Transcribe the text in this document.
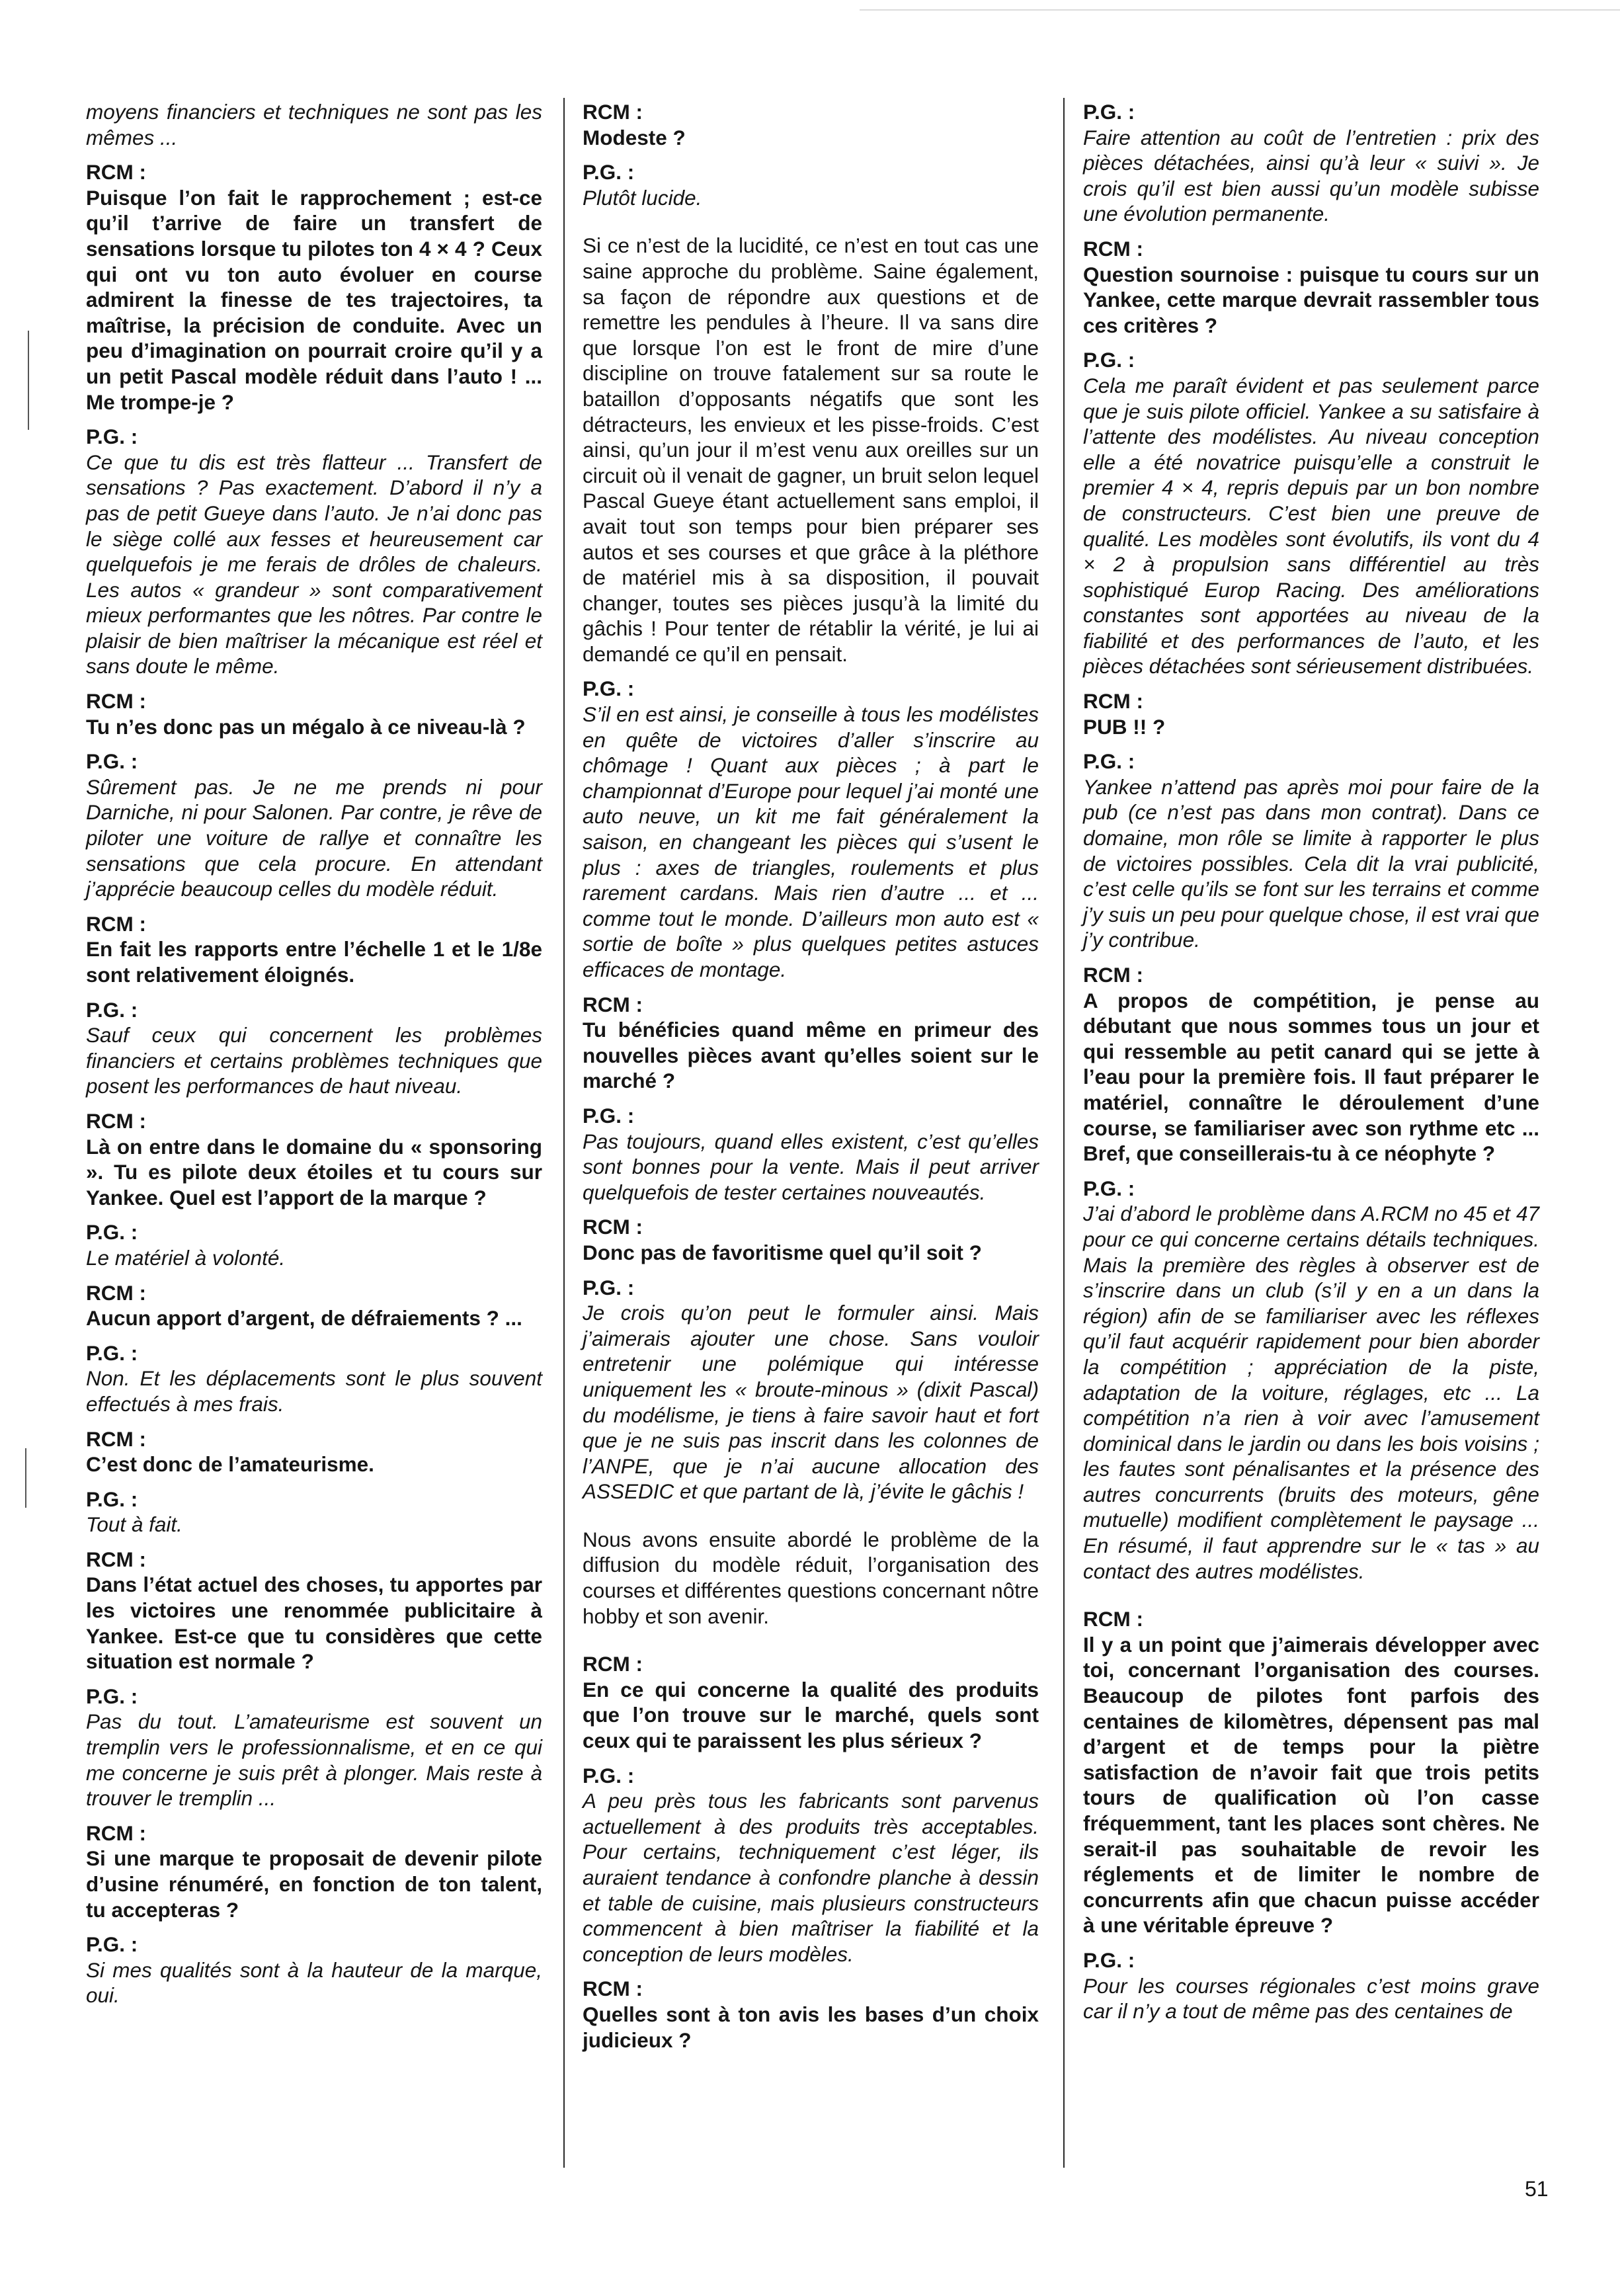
moyens financiers et techniques ne sont pas les mêmes ...
RCM :
Puisque l’on fait le rapprochement ; est-ce qu’il t’arrive de faire un transfert de sensations lorsque tu pilotes ton 4 × 4 ? Ceux qui ont vu ton auto évoluer en course admirent la finesse de tes trajectoires, ta maîtrise, la précision de conduite. Avec un peu d’imagination on pourrait croire qu’il y a un petit Pascal modèle réduit dans l’auto ! ... Me trompe-je ?
P.G. :
Ce que tu dis est très flatteur ... Transfert de sensations ? Pas exactement. D’abord il n’y a pas de petit Gueye dans l’auto. Je n’ai donc pas le siège collé aux fesses et heureusement car quelquefois je me ferais de drôles de chaleurs. Les autos « grandeur » sont comparativement mieux performantes que les nôtres. Par contre le plaisir de bien maîtriser la mécanique est réel et sans doute le même.
RCM :
Tu n’es donc pas un mégalo à ce niveau-là ?
P.G. :
Sûrement pas. Je ne me prends ni pour Darniche, ni pour Salonen. Par contre, je rêve de piloter une voiture de rallye et connaître les sensations que cela procure. En attendant j’apprécie beaucoup celles du modèle réduit.
RCM :
En fait les rapports entre l’échelle 1 et le 1/8e sont relativement éloignés.
P.G. :
Sauf ceux qui concernent les problèmes financiers et certains problèmes techniques que posent les performances de haut niveau.
RCM :
Là on entre dans le domaine du « sponsoring ». Tu es pilote deux étoiles et tu cours sur Yankee. Quel est l’apport de la marque ?
P.G. :
Le matériel à volonté.
RCM :
Aucun apport d’argent, de défraiements ? ...
P.G. :
Non. Et les déplacements sont le plus souvent effectués à mes frais.
RCM :
C’est donc de l’amateurisme.
P.G. :
Tout à fait.
RCM :
Dans l’état actuel des choses, tu apportes par les victoires une renommée publicitaire à Yankee. Est-ce que tu considères que cette situation est normale ?
P.G. :
Pas du tout. L’amateurisme est souvent un tremplin vers le professionnalisme, et en ce qui me concerne je suis prêt à plonger. Mais reste à trouver le tremplin ...
RCM :
Si une marque te proposait de devenir pilote d’usine rénuméré, en fonction de ton talent, tu accepteras ?
P.G. :
Si mes qualités sont à la hauteur de la marque, oui.
RCM :
Modeste ?
P.G. :
Plutôt lucide.
Si ce n’est de la lucidité, ce n’est en tout cas une saine approche du problème. Saine également, sa façon de répondre aux questions et de remettre les pendules à l’heure. Il va sans dire que lorsque l’on est le front de mire d’une discipline on trouve fatalement sur sa route le bataillon d’opposants négatifs que sont les détracteurs, les envieux et les pisse-froids. C’est ainsi, qu’un jour il m’est venu aux oreilles sur un circuit où il venait de gagner, un bruit selon lequel Pascal Gueye étant actuellement sans emploi, il avait tout son temps pour bien préparer ses autos et ses courses et que grâce à la pléthore de matériel mis à sa disposition, il pouvait changer, toutes ses pièces jusqu’à la limité du gâchis ! Pour tenter de rétablir la vérité, je lui ai demandé ce qu’il en pensait.
P.G. :
S’il en est ainsi, je conseille à tous les modélistes en quête de victoires d’aller s’inscrire au chômage ! Quant aux pièces ; à part le championnat d’Europe pour lequel j’ai monté une auto neuve, un kit me fait généralement la saison, en changeant les pièces qui s’usent le plus : axes de triangles, roulements et plus rarement cardans. Mais rien d’autre ... et ... comme tout le monde. D’ailleurs mon auto est « sortie de boîte » plus quelques petites astuces efficaces de montage.
RCM :
Tu bénéficies quand même en primeur des nouvelles pièces avant qu’elles soient sur le marché ?
P.G. :
Pas toujours, quand elles existent, c’est qu’elles sont bonnes pour la vente. Mais il peut arriver quelquefois de tester certaines nouveautés.
RCM :
Donc pas de favoritisme quel qu’il soit ?
P.G. :
Je crois qu’on peut le formuler ainsi. Mais j’aimerais ajouter une chose. Sans vouloir entretenir une polémique qui intéresse uniquement les « broute-minous » (dixit Pascal) du modélisme, je tiens à faire savoir haut et fort que je ne suis pas inscrit dans les colonnes de l’ANPE, que je n’ai aucune allocation des ASSEDIC et que partant de là, j’évite le gâchis !
Nous avons ensuite abordé le problème de la diffusion du modèle réduit, l’organisation des courses et différentes questions concernant nôtre hobby et son avenir.
RCM :
En ce qui concerne la qualité des produits que l’on trouve sur le marché, quels sont ceux qui te paraissent les plus sérieux ?
P.G. :
A peu près tous les fabricants sont parvenus actuellement à des produits très acceptables. Pour certains, techniquement c’est léger, ils auraient tendance à confondre planche à dessin et table de cuisine, mais plusieurs constructeurs commencent à bien maîtriser la fiabilité et la conception de leurs modèles.
RCM :
Quelles sont à ton avis les bases d’un choix judicieux ?
P.G. :
Faire attention au coût de l’entretien : prix des pièces détachées, ainsi qu’à leur « suivi ». Je crois qu’il est bien aussi qu’un modèle subisse une évolution permanente.
RCM :
Question sournoise : puisque tu cours sur un Yankee, cette marque devrait rassembler tous ces critères ?
P.G. :
Cela me paraît évident et pas seulement parce que je suis pilote officiel. Yankee a su satisfaire à l’attente des modélistes. Au niveau conception elle a été novatrice puisqu’elle a construit le premier 4 × 4, repris depuis par un bon nombre de constructeurs. C’est bien une preuve de qualité. Les modèles sont évolutifs, ils vont du 4 × 2 à propulsion sans différentiel au très sophistiqué Europ Racing. Des améliorations constantes sont apportées au niveau de la fiabilité et des performances de l’auto, et les pièces détachées sont sérieusement distribuées.
RCM :
PUB !! ?
P.G. :
Yankee n’attend pas après moi pour faire de la pub (ce n’est pas dans mon contrat). Dans ce domaine, mon rôle se limite à rapporter le plus de victoires possibles. Cela dit la vrai publicité, c’est celle qu’ils se font sur les terrains et comme j’y suis un peu pour quelque chose, il est vrai que j’y contribue.
RCM :
A propos de compétition, je pense au débutant que nous sommes tous un jour et qui ressemble au petit canard qui se jette à l’eau pour la première fois. Il faut préparer le matériel, connaître le déroulement d’une course, se familiariser avec son rythme etc ... Bref, que conseillerais-tu à ce néophyte ?
P.G. :
J’ai d’abord le problème dans A.RCM no 45 et 47 pour ce qui concerne certains détails techniques. Mais la première des règles à observer est de s’inscrire dans un club (s’il y en a un dans la région) afin de se familiariser avec les réflexes qu’il faut acquérir rapidement pour bien aborder la compétition ; appréciation de la piste, adaptation de la voiture, réglages, etc ... La compétition n’a rien à voir avec l’amusement dominical dans le jardin ou dans les bois voisins ; les fautes sont pénalisantes et la présence des autres concurrents (bruits des moteurs, gêne mutuelle) modifient complètement le paysage ... En résumé, il faut apprendre sur le « tas » au contact des autres modélistes.
RCM :
Il y a un point que j’aimerais développer avec toi, concernant l’organisation des courses. Beaucoup de pilotes font parfois des centaines de kilomètres, dépensent pas mal d’argent et de temps pour la piètre satisfaction de n’avoir fait que trois petits tours de qualification où l’on casse fréquemment, tant les places sont chères. Ne serait-il pas souhaitable de revoir les réglements et de limiter le nombre de concurrents afin que chacun puisse accéder à une véritable épreuve ?
P.G. :
Pour les courses régionales c’est moins grave car il n’y a tout de même pas des centaines de
51
